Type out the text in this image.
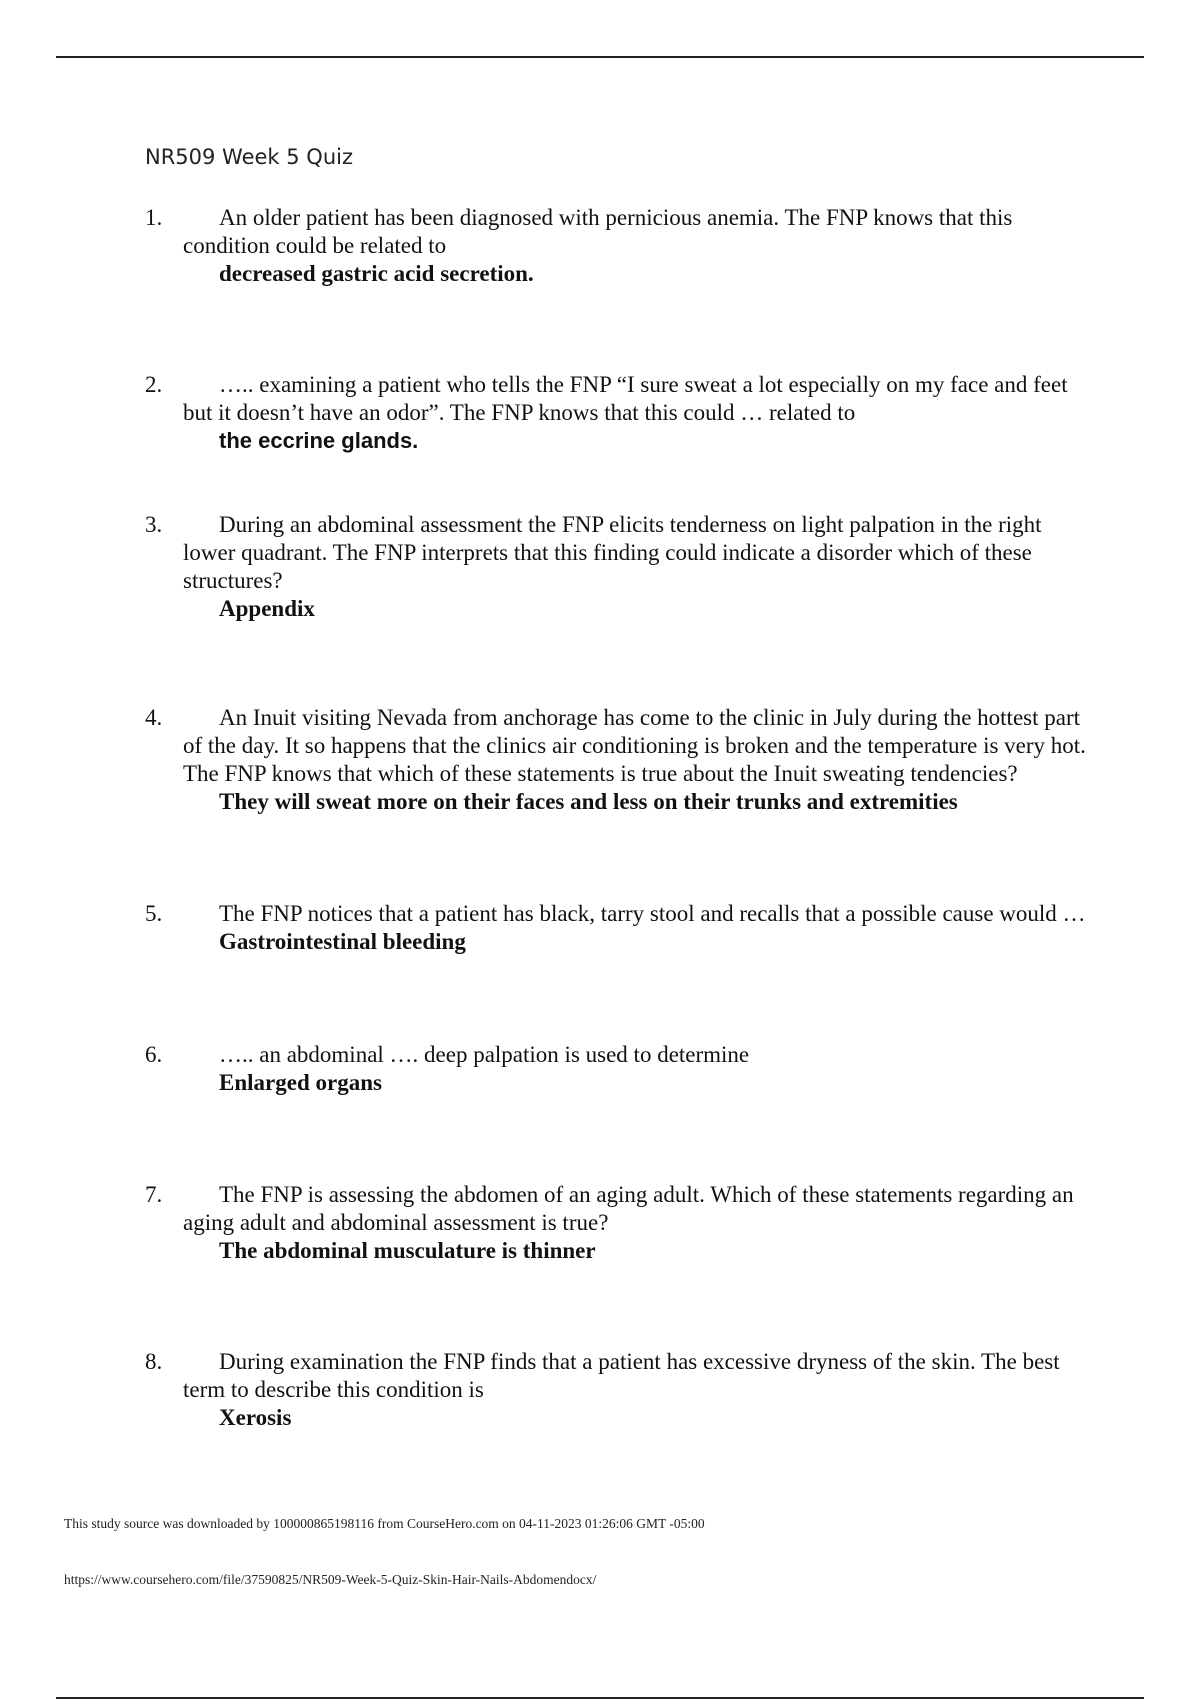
NR509 Week 5 Quiz
1.	An older patient has been diagnosed with pernicious anemia. The FNP knows that this condition could be related to
decreased gastric acid secretion.
2.	….. examining a patient who tells the FNP “I sure sweat a lot especially on my face and feet but it doesn’t have an odor”. The FNP knows that this could … related to
the eccrine glands.
3.	During an abdominal assessment the FNP elicits tenderness on light palpation in the right lower quadrant. The FNP interprets that this finding could indicate a disorder which of these structures?
Appendix
4.	An Inuit visiting Nevada from anchorage has come to the clinic in July during the hottest part of the day. It so happens that the clinics air conditioning is broken and the temperature is very hot. The FNP knows that which of these statements is true about the Inuit sweating tendencies?
They will sweat more on their faces and less on their trunks and extremities
5.	The FNP notices that a patient has black, tarry stool and recalls that a possible cause would …
Gastrointestinal bleeding
6.	….. an abdominal …. deep palpation is used to determine
Enlarged organs
7.	The FNP is assessing the abdomen of an aging adult. Which of these statements regarding an aging adult and abdominal assessment is true?
The abdominal musculature is thinner
8.	During examination the FNP finds that a patient has excessive dryness of the skin. The best term to describe this condition is
Xerosis
This study source was downloaded by 100000865198116 from CourseHero.com on 04-11-2023 01:26:06 GMT -05:00
https://www.coursehero.com/file/37590825/NR509-Week-5-Quiz-Skin-Hair-Nails-Abdomendocx/
